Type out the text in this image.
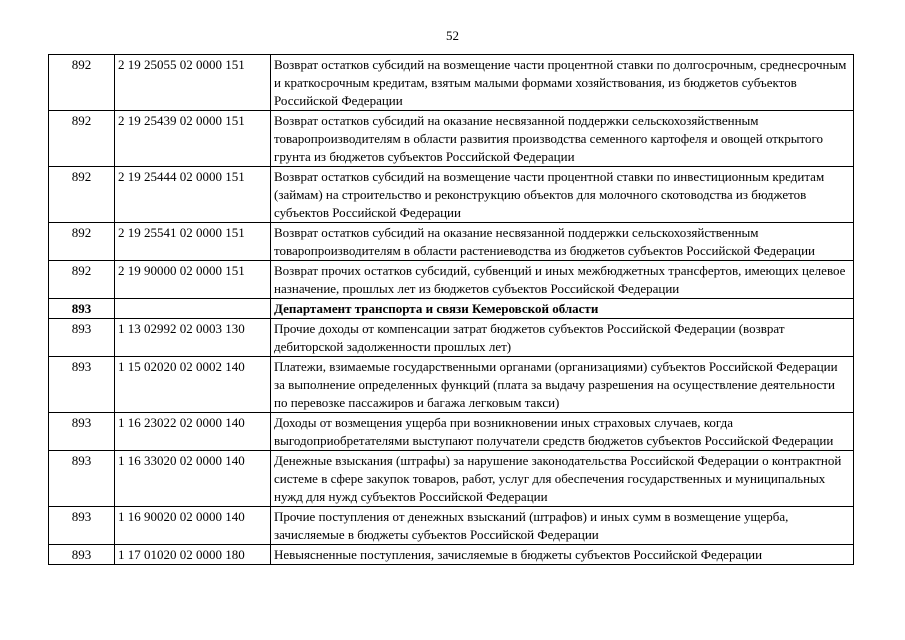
52
892	2 19 25055 02 0000 151	Возврат остатков субсидий на возмещение части процентной ставки по долгосрочным, среднесрочным и краткосрочным кредитам, взятым малыми формами хозяйствования, из бюджетов субъектов Российской Федерации
892	2 19 25439 02 0000 151	Возврат остатков субсидий на оказание несвязанной поддержки сельскохозяйственным товаропроизводителям в области развития производства семенного картофеля и овощей открытого грунта из бюджетов субъектов Российской Федерации
892	2 19 25444 02 0000 151	Возврат остатков субсидий на возмещение части процентной ставки по инвестиционным кредитам (займам) на строительство и реконструкцию объектов для молочного скотоводства из бюджетов субъектов Российской Федерации
892	2 19 25541 02 0000 151	Возврат остатков субсидий на оказание несвязанной поддержки сельскохозяйственным товаропроизводителям в области растениеводства из бюджетов субъектов Российской Федерации
892	2 19 90000 02 0000 151	Возврат прочих остатков субсидий, субвенций и иных межбюджетных трансфертов, имеющих целевое назначение, прошлых лет из бюджетов субъектов Российской Федерации
893		Департамент транспорта и связи Кемеровской области
893	1 13 02992 02 0003 130	Прочие доходы от компенсации затрат бюджетов субъектов Российской Федерации (возврат дебиторской задолженности прошлых лет)
893	1 15 02020 02 0002 140	Платежи, взимаемые государственными органами (организациями) субъектов Российской Федерации за выполнение определенных функций (плата за выдачу разрешения на осуществление деятельности по перевозке пассажиров и багажа легковым такси)
893	1 16 23022 02 0000 140	Доходы от возмещения ущерба при возникновении иных страховых случаев, когда выгодоприобретателями выступают получатели средств бюджетов субъектов Российской Федерации
893	1 16 33020 02 0000 140	Денежные взыскания (штрафы) за нарушение законодательства Российской Федерации о контрактной системе в сфере закупок товаров, работ, услуг для обеспечения государственных и муниципальных нужд для нужд субъектов Российской Федерации
893	1 16 90020 02 0000 140	Прочие поступления от денежных взысканий (штрафов) и иных сумм в возмещение ущерба, зачисляемые в бюджеты субъектов Российской Федерации
893	1 17 01020 02 0000 180	Невыясненные поступления, зачисляемые в бюджеты субъектов Российской Федерации
